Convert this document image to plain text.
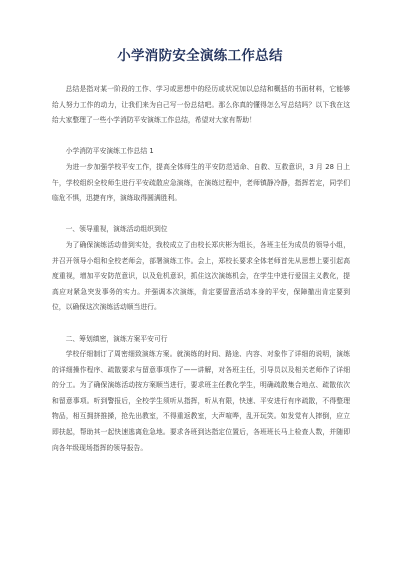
小学消防安全演练工作总结

总结是指对某一阶段的工作、学习或思想中的经历或状况加以总结和概括的书面材料，它能够给人努力工作的动力，让我们来为自己写一份总结吧。那么你真的懂得怎么写总结吗？以下我在这给大家整理了一些小学消防平安演练工作总结，希望对大家有帮助！

小学消防平安演练工作总结 1

为进一步加强学校平安工作，提高全体师生的平安防范适命、自救、互救意识，3 月 28 日上午，学校组织全校师生进行平安疏散应急演练，在演练过程中，老师镇静冷静，指挥若定，同学们临危不惧，迅捷有序，演练取得圆满胜利。

一、领导重视，演练活动组织到位

为了确保演练活动普到实处，我校成立了由校长郑庆彬为组长，各班主任为成员的领导小组，并召开领导小组和全校老师会，部署演练工作。会上，郑校长要求全体老师首先从思想上要引起高度重视，增加平安防范意识，以及危机意识，抓住这次演练机会，在学生中进行爱国主义教化，提高应对紧急突发事务的实力。并强调本次演练，肯定要留意活动本身的平安，保障撤出肯定要到位，以确保这次演练活动顺当进行。

二、筹划缜密，演练方案平安可行

学校仔细制订了周密细致演练方案。就演练的时间、路途、内容、对象作了详细的说明，演练的详细操作程序、疏散要求与留意事项作了——讲解，对各班主任，引导员以及相关老师作了详细的分工。为了确保演练活动按方案顺当进行，要求班主任教化学生，明确疏散集合地点、疏散依次和留意事项。听到警报后，全校学生须听从指挥，听从有限，快速、平安进行有序疏散，不得整理物品，相互拥挤推搡，抢先出教室，不得重返教室，大声喧哗，乱开玩笑。如发觉有人摔倒，应立即扶起，帮助其一起快速逃离危急地。要求各班到达指定位置后，各班班长马上检查人数，并随即向各年级现场指挥的领导报告。
